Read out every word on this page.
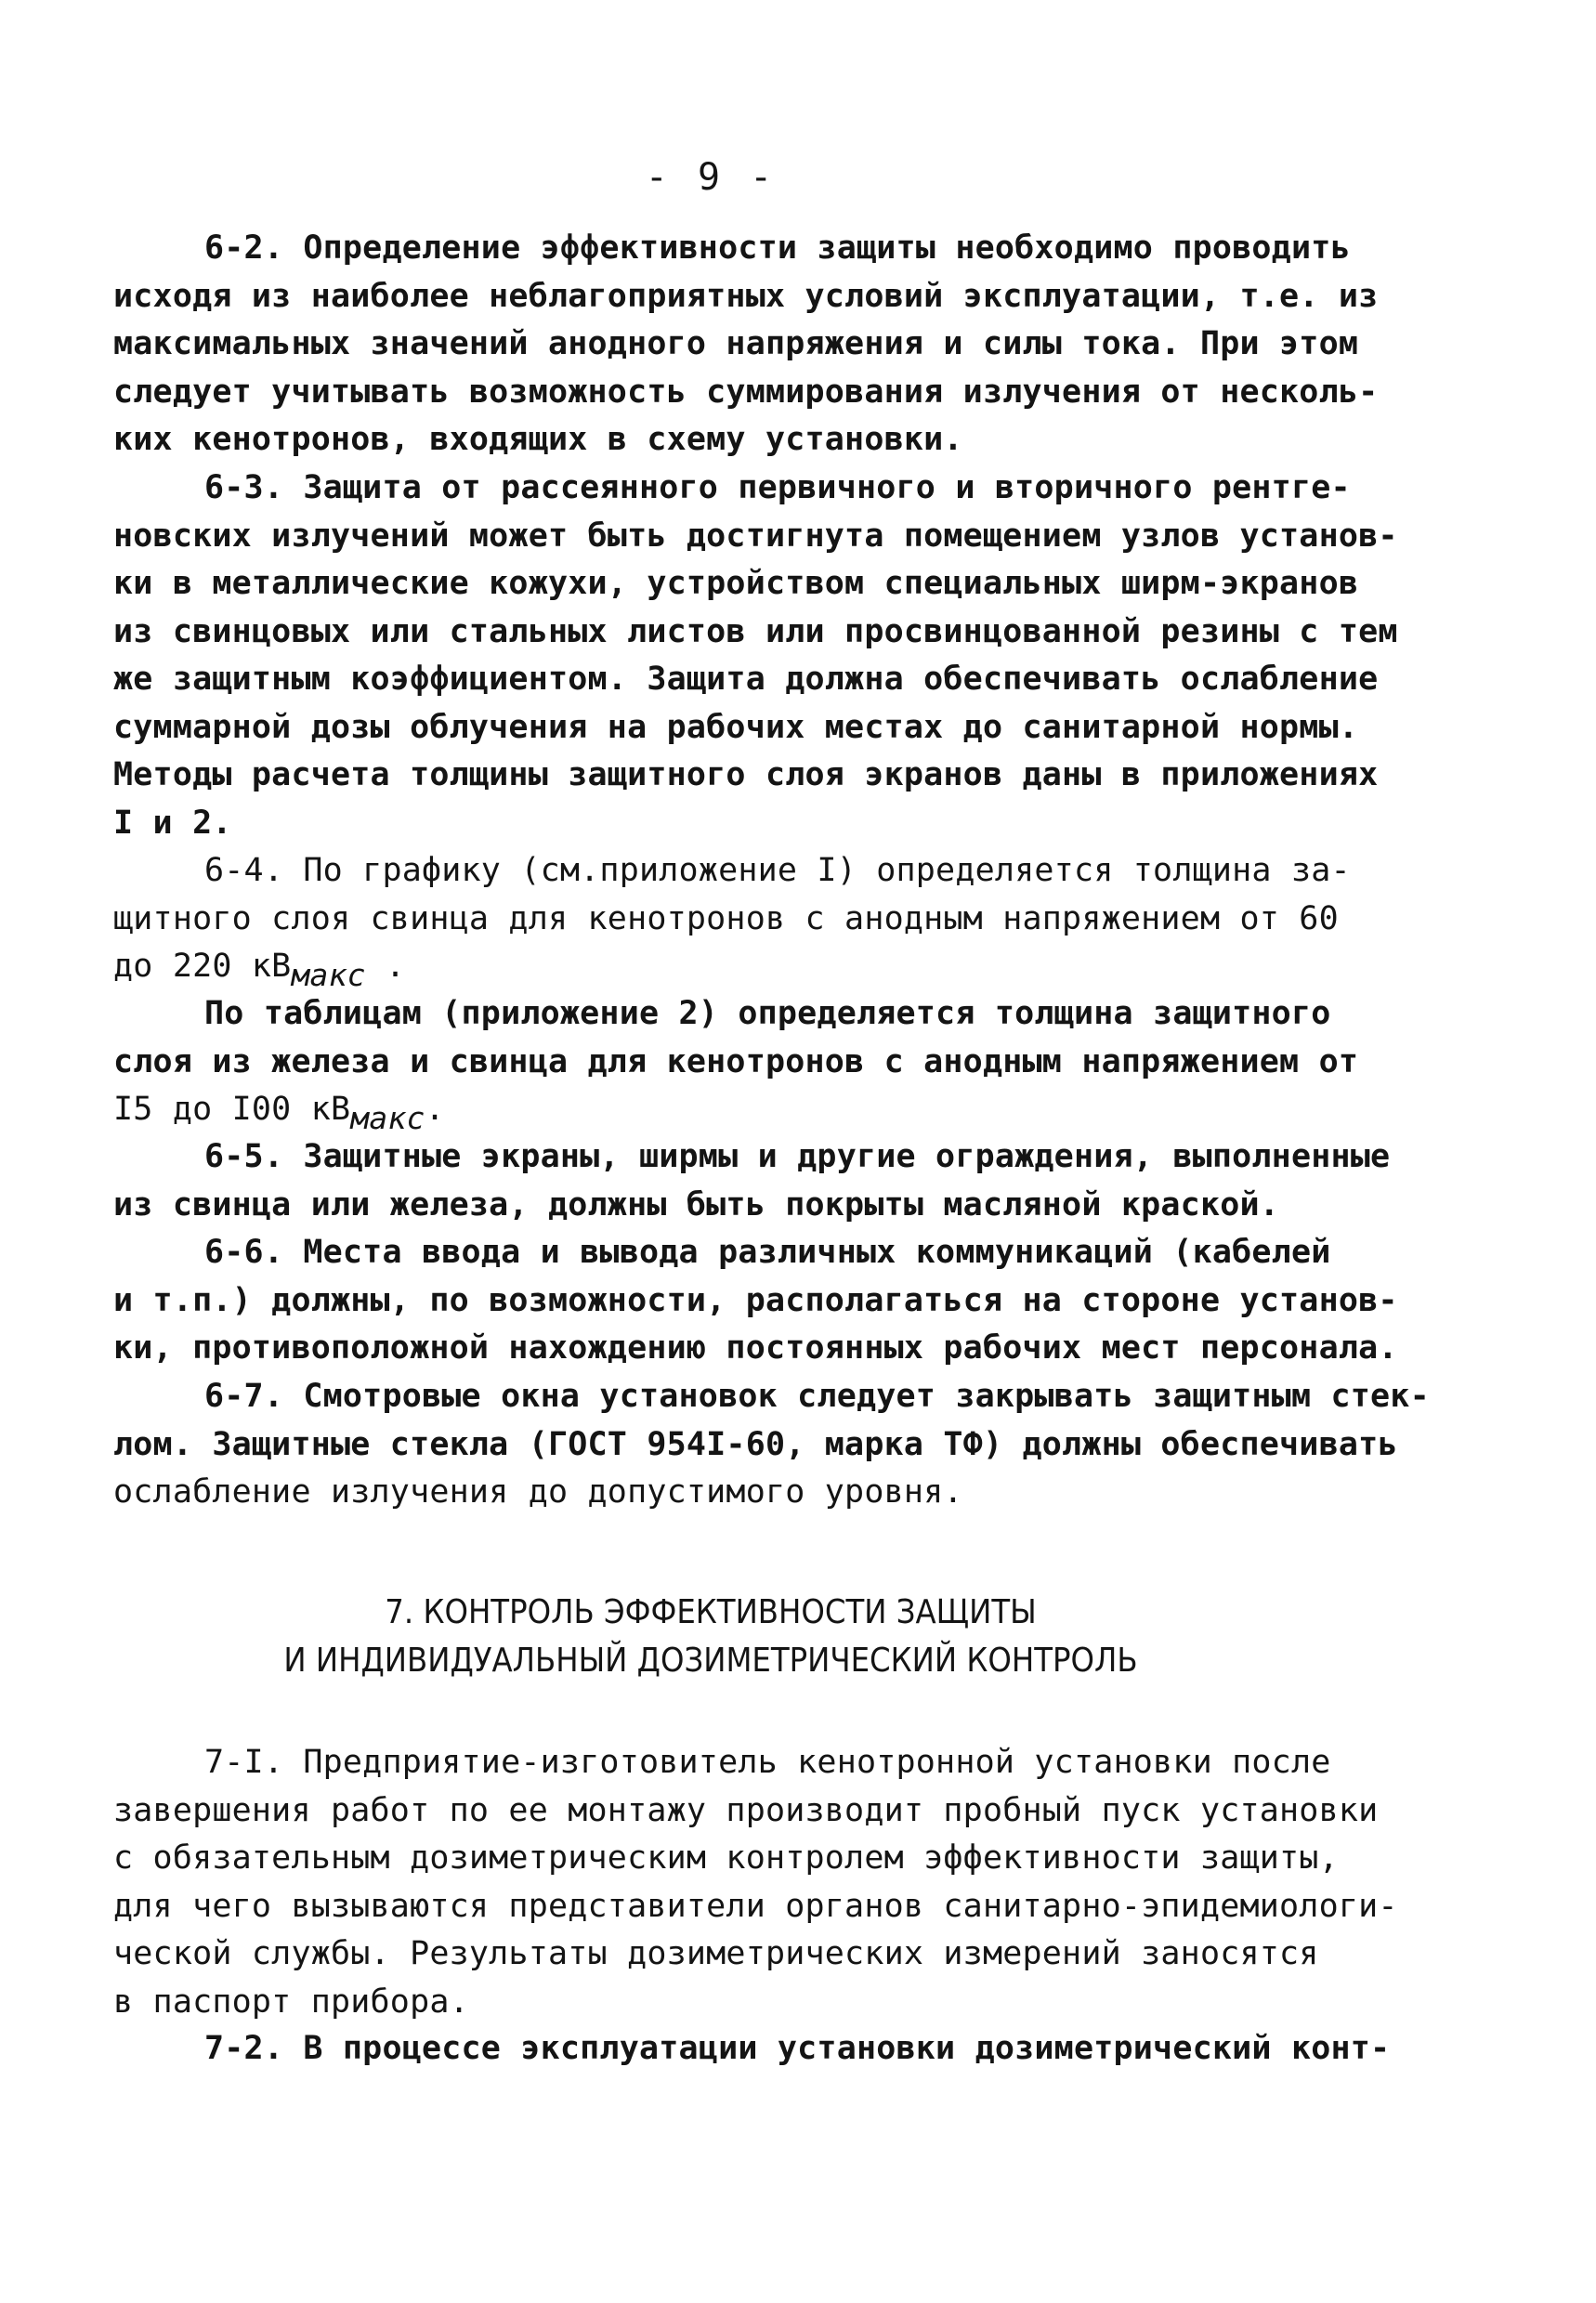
- 9 -
6-2. Определение эффективности защиты необходимо проводить
исходя из наиболее неблагоприятных условий эксплуатации, т.е. из
максимальных значений анодного напряжения и силы тока. При этом
следует учитывать возможность суммирования излучения от несколь-
ких кенотронов, входящих в схему установки.
6-3. Защита от рассеянного первичного и вторичного рентге-
новских излучений может быть достигнута помещением узлов установ-
ки в металлические кожухи, устройством специальных ширм-экранов
из свинцовых или стальных листов или просвинцованной резины с тем
же защитным коэффициентом. Защита должна обеспечивать ослабление
суммарной дозы облучения на рабочих местах до санитарной нормы.
Методы расчета толщины защитного слоя экранов даны в приложениях
I и 2.
6-4. По графику (см.приложение I) определяется толщина за-
щитного слоя свинца для кенотронов с анодным напряжением от 60
до 220 $кВ_{макс}$ .
По таблицам (приложение 2) определяется толщина защитного
слоя из железа и свинца для кенотронов с анодным напряжением от
I5 до I00 $кВ_{макс}$.
6-5. Защитные экраны, ширмы и другие ограждения, выполненные
из свинца или железа, должны быть покрыты масляной краской.
6-6. Места ввода и вывода различных коммуникаций (кабелей
и т.п.) должны, по возможности, располагаться на стороне установ-
ки, противоположной нахождению постоянных рабочих мест персонала.
6-7. Смотровые окна установок следует закрывать защитным стек-
лом. Защитные стекла (ГОСТ 954I-60, марка ТФ) должны обеспечивать
ослабление излучения до допустимого уровня.
7. КОНТРОЛЬ ЭФФЕКТИВНОСТИ ЗАЩИТЫ
И ИНДИВИДУАЛЬНЫЙ ДОЗИМЕТРИЧЕСКИЙ КОНТРОЛЬ
7-I. Предприятие-изготовитель кенотронной установки после
завершения работ по ее монтажу производит пробный пуск установки
с обязательным дозиметрическим контролем эффективности защиты,
для чего вызываются представители органов санитарно-эпидемиологи-
ческой службы. Результаты дозиметрических измерений заносятся
в паспорт прибора.
7-2. В процессе эксплуатации установки дозиметрический конт-
